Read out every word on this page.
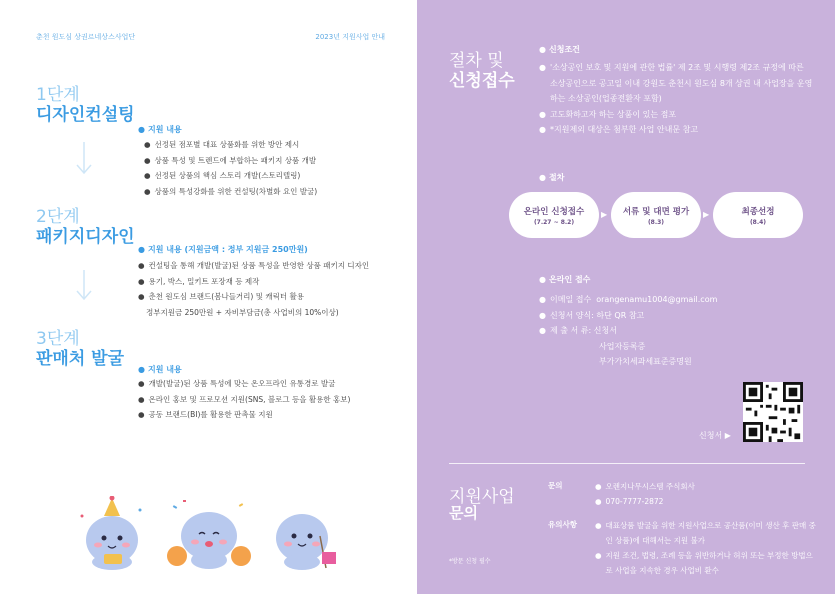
춘천 원도심 상권르네상스사업단	2023년 지원사업 안내
1단계
디자인컨설팅
● 지원 내용
● 선정된 점포별 대표 상품화를 위한 방안 제시
● 상품 특성 및 트렌드에 부합하는 패키지 상품 개발
● 선정된 상품의 핵심 스토리 개발(스토리텔링)
● 상품의 특성강화를 위한 컨설팅(차별화 요인 발굴)
2단계
패키지디자인
● 지원 내용 (지원금액 : 정부 지원금 250만원)
● 컨설팅을 통해 개발(발굴)된 상품 특성을 반영한 상품 패키지 디자인
● 용기, 박스, 밀키트 포장재 등 제작
● 춘천 원도심 브랜드(봄나들거리) 및 캐릭터 활용
정부지원금 250만원 + 자비부담금(총 사업비의 10%이상)
3단계
판매처 발굴
● 지원 내용
● 개발(발굴)된 상품 특성에 맞는 온오프라인 유통경로 발굴
● 온라인 홍보 및 프로모션 지원(SNS, 블로그 등을 활용한 홍보)
● 공동 브랜드(BI)를 활용한 판촉물 지원
절차 및
신청접수
● 신청조건
● '소상공인 보호 및 지원에 관한 법률' 제 2조 및 시행령 제2조 규정에 따른 소상공인으로 공고일 이내 강원도 춘천시 원도심 8개 상권 내 사업장을 운영하는 소상공인(업종전환자 포함)
● 고도화하고자 하는 상품이 있는 점포
● *지원제외 대상은 첨부한 사업 안내문 참고
● 절차
온라인 신청접수
(7.27 ~ 8.2)
▶ 서류 및 대면 평가
(8.3)
▶	최종선정
(8.4)
● 온라인 접수
● 이메일 접수 orangenamu1004@gmail.com
● 신청서 양식: 하단 QR 참고
● 제 출 서 류: 신청서
사업자등록증
부가가치세과세표준증명원
신청서 ▶
지원사업
문의
*방문 신청 필수
문의	● 오렌지나무시스템 주식회사
● 070-7777-2872
유의사항 ● 대표상품 발굴을 위한 지원사업으로 공산품(이미 생산 후 판매 중인 상품)에 대해서는 지원 불가
● 지원 조건, 법령, 조례 등을 위반하거나 허위 또는 부정한 방법으로 사업을 지속한 경우 사업비 환수
